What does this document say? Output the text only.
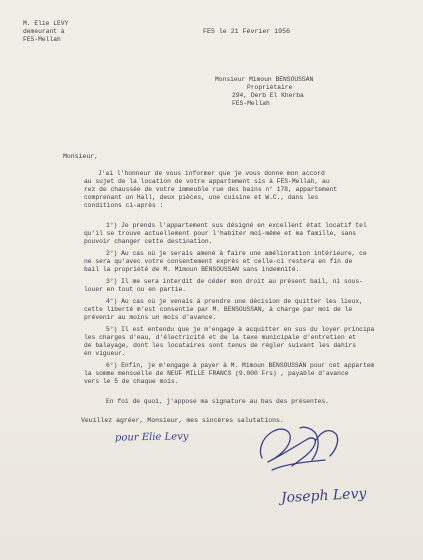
M. Elie LEVY
demeurant à
FES-Mellah
FES le 21 Février 1956
Monsieur Mimoun BENSOUSSAN
Propriétaire
294, Derb El Kherba
FES-Mellah
Monsieur,
J'ai l'honneur de vous informer que je vous donne mon accord
au sujet de la location de votre appartement sis à FES-Mellah, au
rez de chaussée de votre immeuble rue des bains n° 178, appartement
comprenant un Hall, deux pièces, une cuisine et W.C., dans les
conditions ci-après :
1°) Je prends l'appartement sus désigné en excellent état locatif tel
qu'il se trouve actuellement pour l'habiter moi-même et ma famille, sans
pouvoir changer cette destination.
2°) Au cas où je serais amené à faire une amélioration intérieure, ce
ne sera qu'avec votre consentement exprès et celle-ci restera en fin de
bail la propriété de M. Mimoun BENSOUSSAN sans indemnité.
3°) Il me sera interdit de céder mon droit au présent bail, ni sous-
louer en tout ou en partie.
4°) Au cas où je venais à prendre une décision de quitter les lieux,
cette liberté m'est consentie par M. BENSOUSSAN, à charge par moi de le
prévenir au moins un mois d'avance.
5°) Il est entendu que je m'engage à acquitter en sus du loyer principa
les charges d'eau, d'électricité et de la taxe municipale d'entretien et
de balayage, dont les locataires sont tenus de régler suivant les dahirs
en vigueur.
6°) Enfin, je m'engage à payer à M. Mimoun BENSOUSSAN pour cet appartem
la somme mensuelle de NEUF MILLE FRANCS (9.000 Frs) , payable d'avance
vers le 5 de chaque mois.
En foi de quoi, j'appose ma signature au bas des présentes.
Veuillez agréer, Monsieur, mes sincères salutations.
pour Elie Levy
Joseph Levy
